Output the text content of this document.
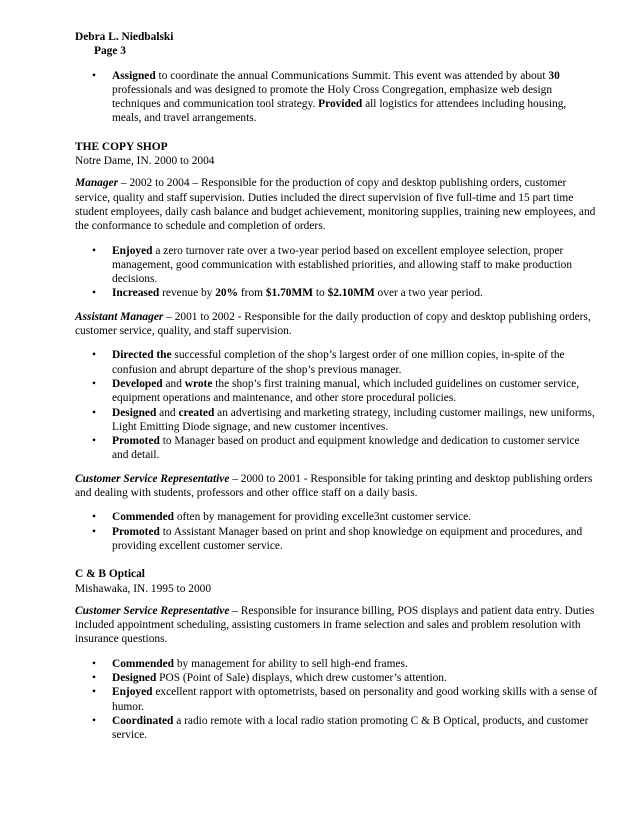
Debra L. Niedbalski
Page 3
• Assigned to coordinate the annual Communications Summit. This event was attended by about 30 professionals and was designed to promote the Holy Cross Congregation, emphasize web design techniques and communication tool strategy. Provided all logistics for attendees including housing, meals, and travel arrangements.
THE COPY SHOP
Notre Dame, IN. 2000 to 2004
Manager – 2002 to 2004 – Responsible for the production of copy and desktop publishing orders, customer service, quality and staff supervision. Duties included the direct supervision of five full-time and 15 part time student employees, daily cash balance and budget achievement, monitoring supplies, training new employees, and the conformance to schedule and completion of orders.
• Enjoyed a zero turnover rate over a two-year period based on excellent employee selection, proper management, good communication with established priorities, and allowing staff to make production decisions.
• Increased revenue by 20% from $1.70MM to $2.10MM over a two year period.
Assistant Manager – 2001 to 2002 - Responsible for the daily production of copy and desktop publishing orders, customer service, quality, and staff supervision.
• Directed the successful completion of the shop’s largest order of one million copies, in-spite of the confusion and abrupt departure of the shop’s previous manager.
• Developed and wrote the shop’s first training manual, which included guidelines on customer service, equipment operations and maintenance, and other store procedural policies.
• Designed and created an advertising and marketing strategy, including customer mailings, new uniforms, Light Emitting Diode signage, and new customer incentives.
• Promoted to Manager based on product and equipment knowledge and dedication to customer service and detail.
Customer Service Representative – 2000 to 2001 - Responsible for taking printing and desktop publishing orders and dealing with students, professors and other office staff on a daily basis.
• Commended often by management for providing excelle3nt customer service.
• Promoted to Assistant Manager based on print and shop knowledge on equipment and procedures, and providing excellent customer service.
C & B Optical
Mishawaka, IN. 1995 to 2000
Customer Service Representative – Responsible for insurance billing, POS displays and patient data entry. Duties included appointment scheduling, assisting customers in frame selection and sales and problem resolution with insurance questions.
• Commended by management for ability to sell high-end frames.
• Designed POS (Point of Sale) displays, which drew customer’s attention.
• Enjoyed excellent rapport with optometrists, based on personality and good working skills with a sense of humor.
• Coordinated a radio remote with a local radio station promoting C & B Optical, products, and customer service.
